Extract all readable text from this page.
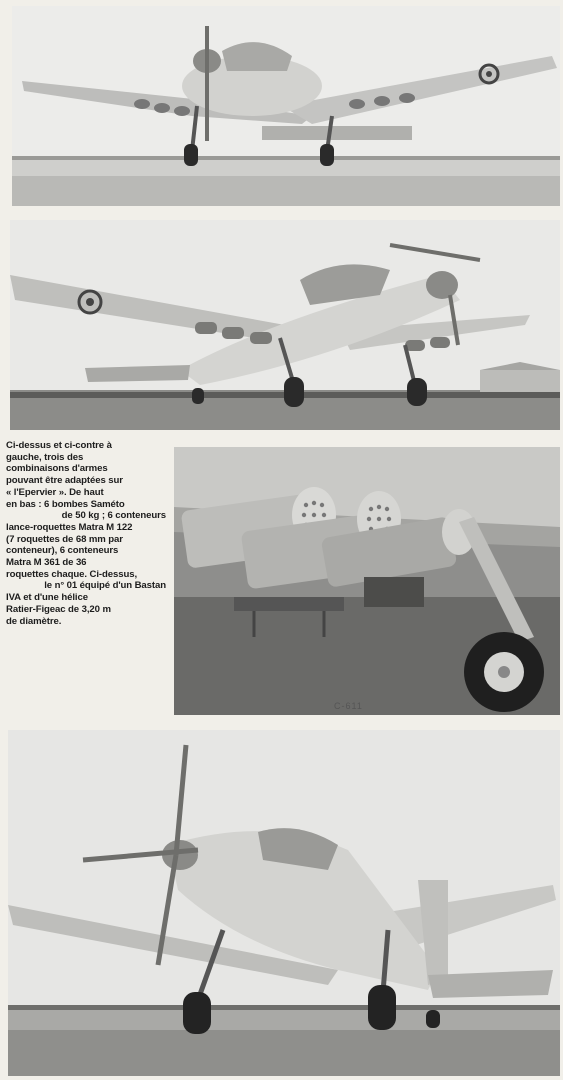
Ci-dessus et ci-contre à
gauche, trois des
combinaisons d'armes
pouvant être adaptées sur
« l'Epervier ». De haut
en bas : 6 bombes Saméto
de 50 kg ; 6 conteneurs
lance-roquettes Matra M 122
(7 roquettes de 68 mm par
conteneur), 6 conteneurs
Matra M 361 de 36
roquettes chaque. Ci-dessus,
le n° 01 équipé d'un Bastan
IVA et d'une hélice
Ratier-Figeac de 3,20 m
de diamètre.

C-611
